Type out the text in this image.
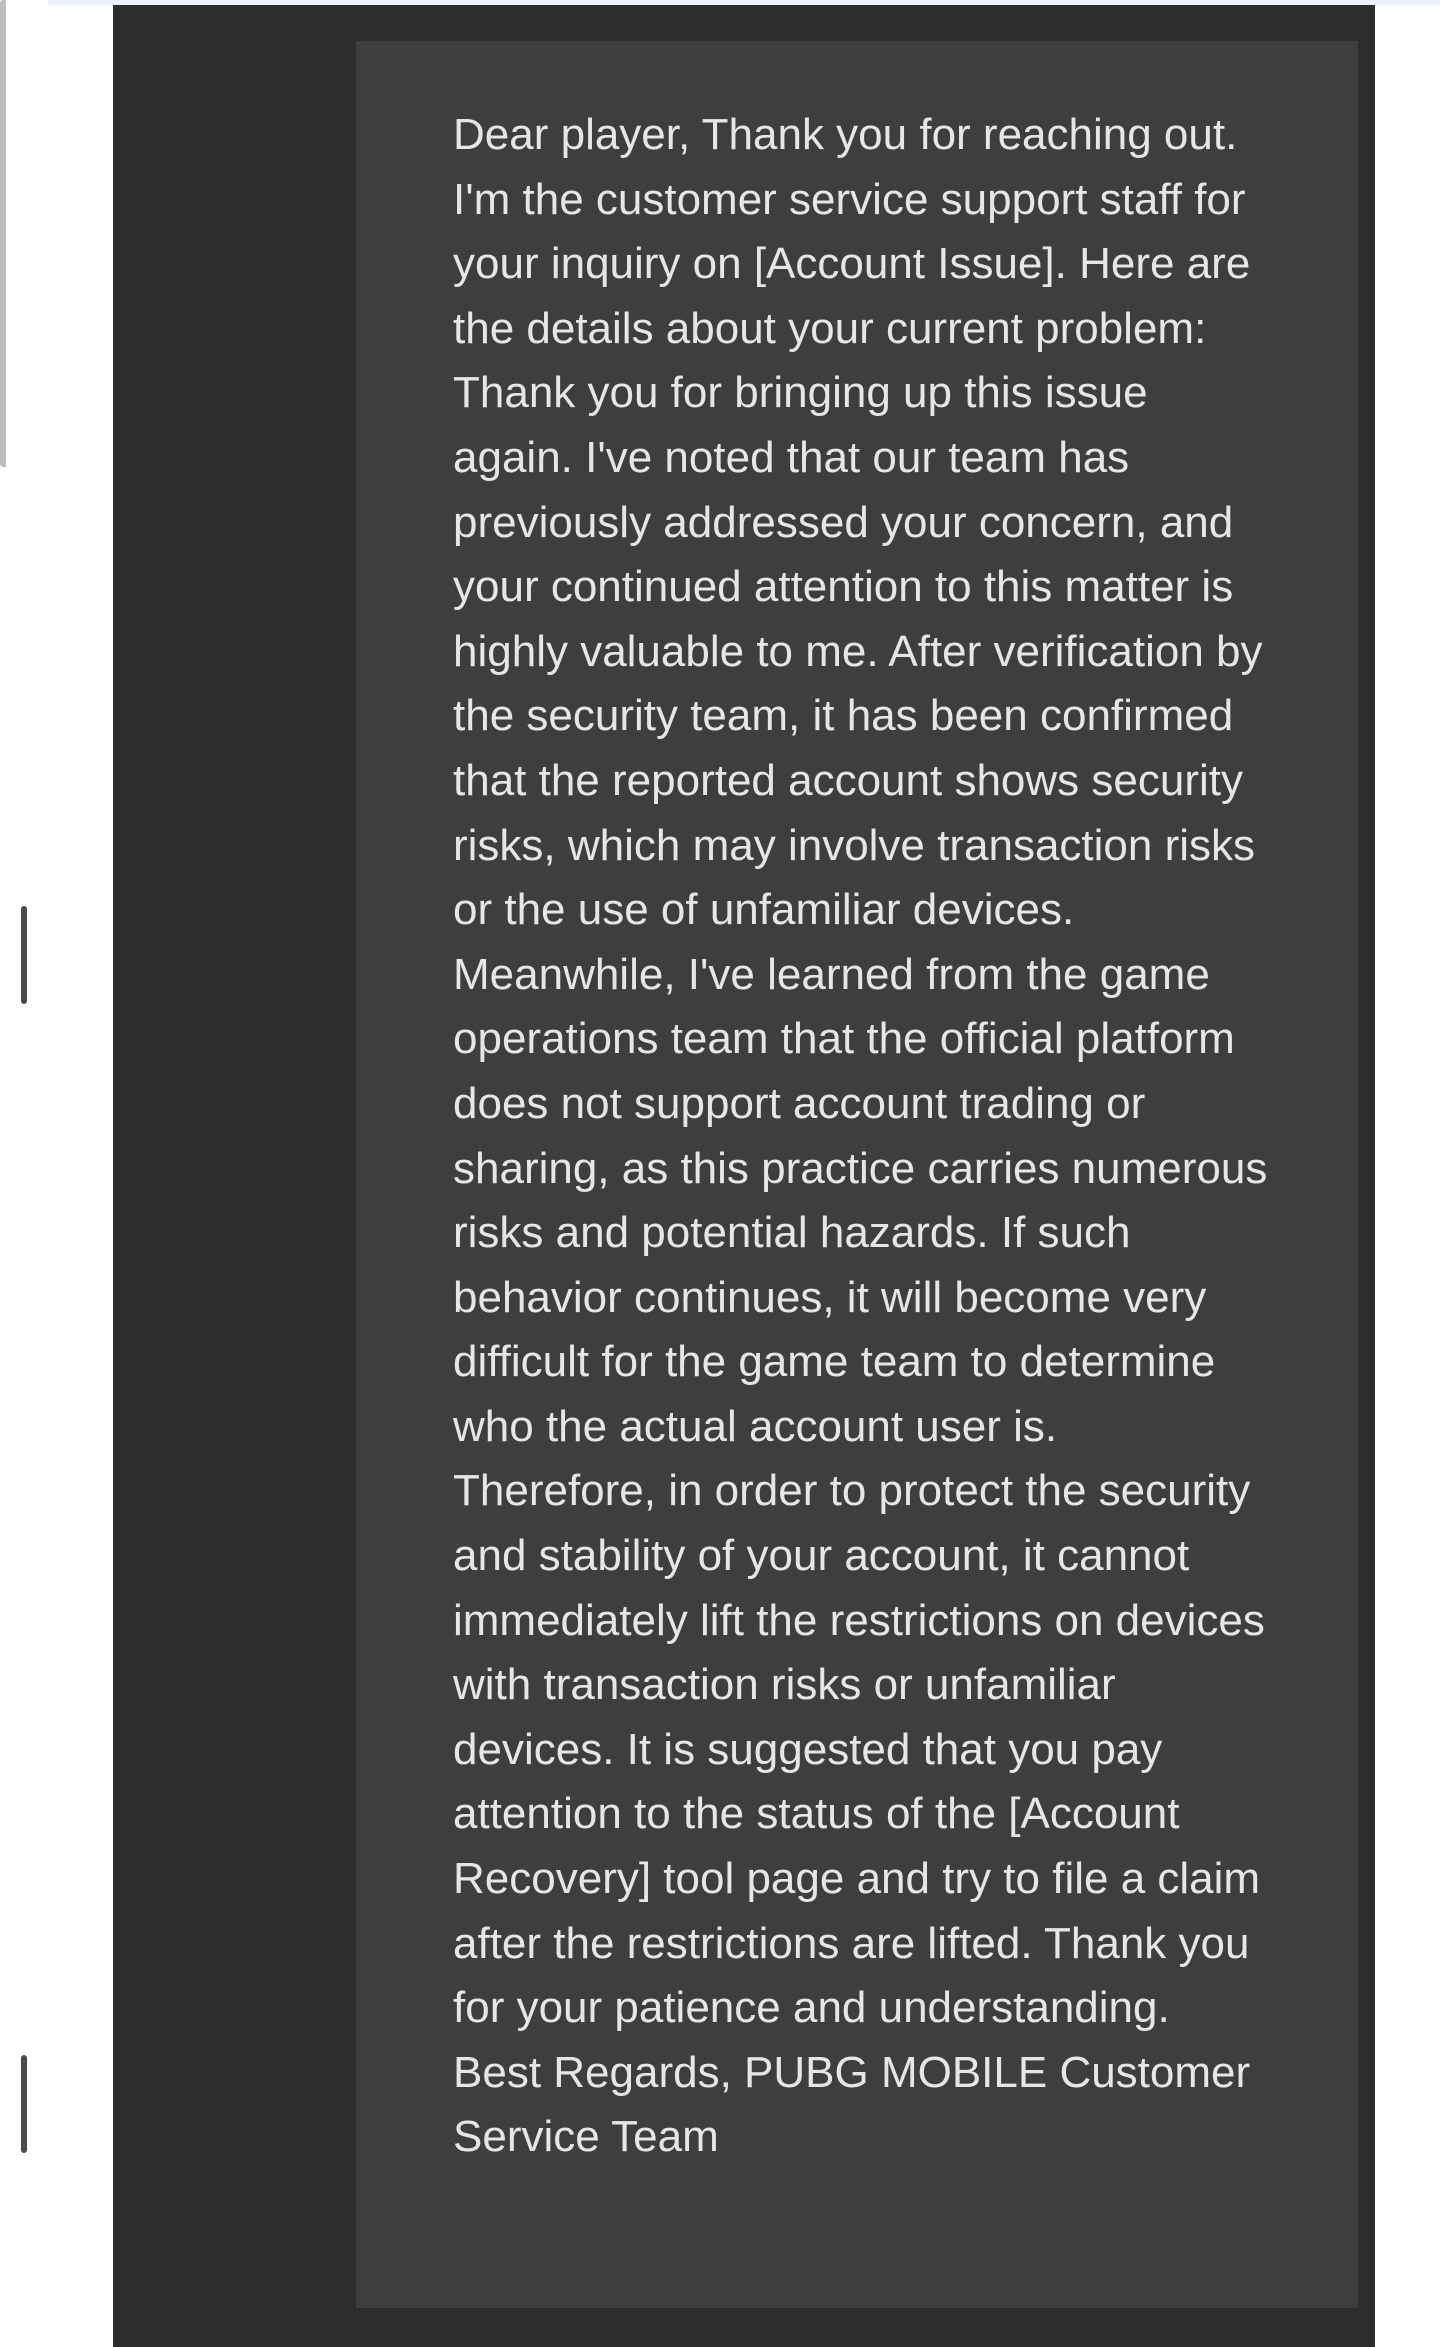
Dear player, Thank you for reaching out. I'm the customer service support staff for your inquiry on [Account Issue]. Here are the details about your current problem: Thank you for bringing up this issue again. I've noted that our team has previously addressed your concern, and your continued attention to this matter is highly valuable to me. After verification by the security team, it has been confirmed that the reported account shows security risks, which may involve transaction risks or the use of unfamiliar devices. Meanwhile, I've learned from the game operations team that the official platform does not support account trading or sharing, as this practice carries numerous risks and potential hazards. If such behavior continues, it will become very difficult for the game team to determine who the actual account user is. Therefore, in order to protect the security and stability of your account, it cannot immediately lift the restrictions on devices with transaction risks or unfamiliar devices. It is suggested that you pay attention to the status of the [Account Recovery] tool page and try to file a claim after the restrictions are lifted. Thank you for your patience and understanding. Best Regards, PUBG MOBILE Customer Service Team
